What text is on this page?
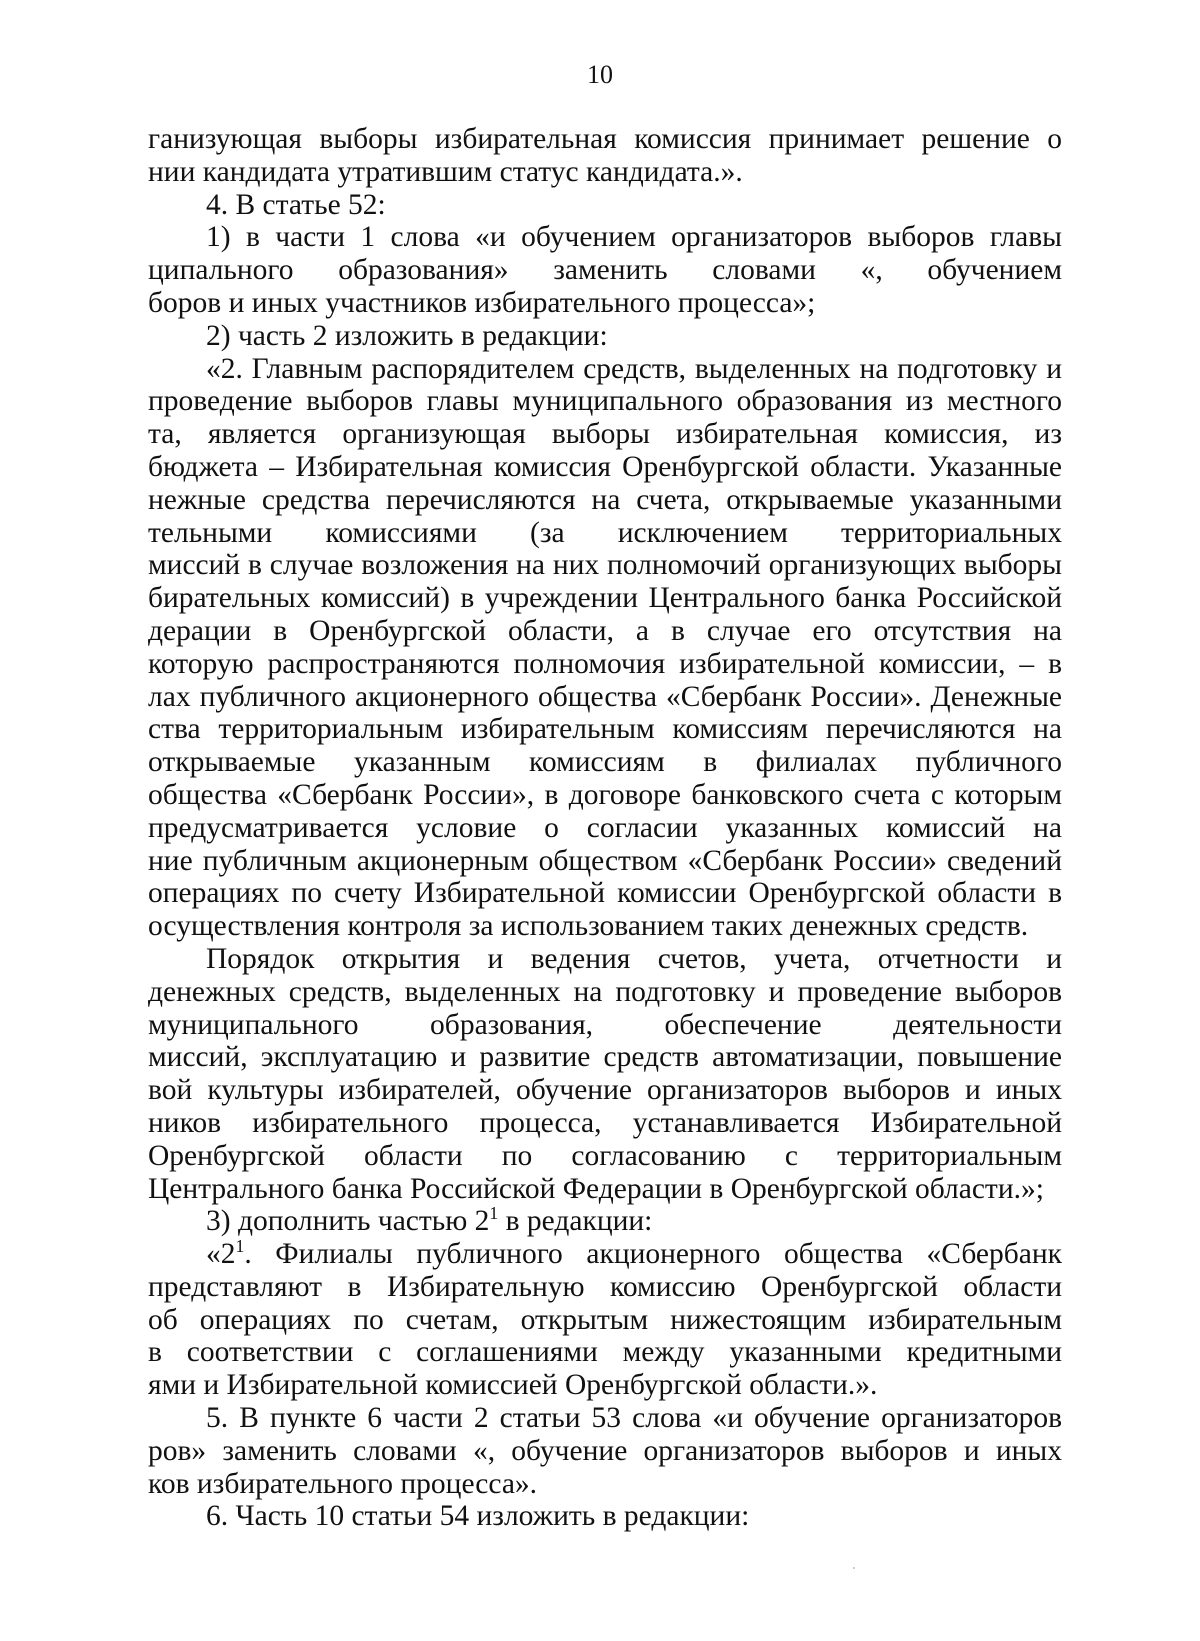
10
ганизующая выборы избирательная комиссия принимает решение о
нии кандидата утратившим статус кандидата.».
4. В статье 52:
1) в части 1 слова «и обучением организаторов выборов главы
ципального образования» заменить словами «, обучением
боров и иных участников избирательного процесса»;
2) часть 2 изложить в редакции:
«2. Главным распорядителем средств, выделенных на подготовку и
проведение выборов главы муниципального образования из местного
та, является организующая выборы избирательная комиссия, из
бюджета – Избирательная комиссия Оренбургской области. Указанные
нежные средства перечисляются на счета, открываемые указанными
тельными комиссиями (за исключением территориальных
миссий в случае возложения на них полномочий организующих выборы
бирательных комиссий) в учреждении Центрального банка Российской
дерации в Оренбургской области, а в случае его отсутствия на
которую распространяются полномочия избирательной комиссии, – в
лах публичного акционерного общества «Сбербанк России». Денежные
ства территориальным избирательным комиссиям перечисляются на
открываемые указанным комиссиям в филиалах публичного
общества «Сбербанк России», в договоре банковского счета с которым
предусматривается условие о согласии указанных комиссий на
ние публичным акционерным обществом «Сбербанк России» сведений
операциях по счету Избирательной комиссии Оренбургской области в
осуществления контроля за использованием таких денежных средств.
Порядок открытия и ведения счетов, учета, отчетности и
денежных средств, выделенных на подготовку и проведение выборов
муниципального образования, обеспечение деятельности
миссий, эксплуатацию и развитие средств автоматизации, повышение
вой культуры избирателей, обучение организаторов выборов и иных
ников избирательного процесса, устанавливается Избирательной
Оренбургской области по согласованию с территориальным
Центрального банка Российской Федерации в Оренбургской области.»;
3) дополнить частью $2^1$ в редакции:
«$2^1$. Филиалы публичного акционерного общества «Сбербанк
представляют в Избирательную комиссию Оренбургской области
об операциях по счетам, открытым нижестоящим избирательным
в соответствии с соглашениями между указанными кредитными
ями и Избирательной комиссией Оренбургской области.».
5. В пункте 6 части 2 статьи 53 слова «и обучение организаторов
ров» заменить словами «, обучение организаторов выборов и иных
ков избирательного процесса».
6. Часть 10 статьи 54 изложить в редакции:
